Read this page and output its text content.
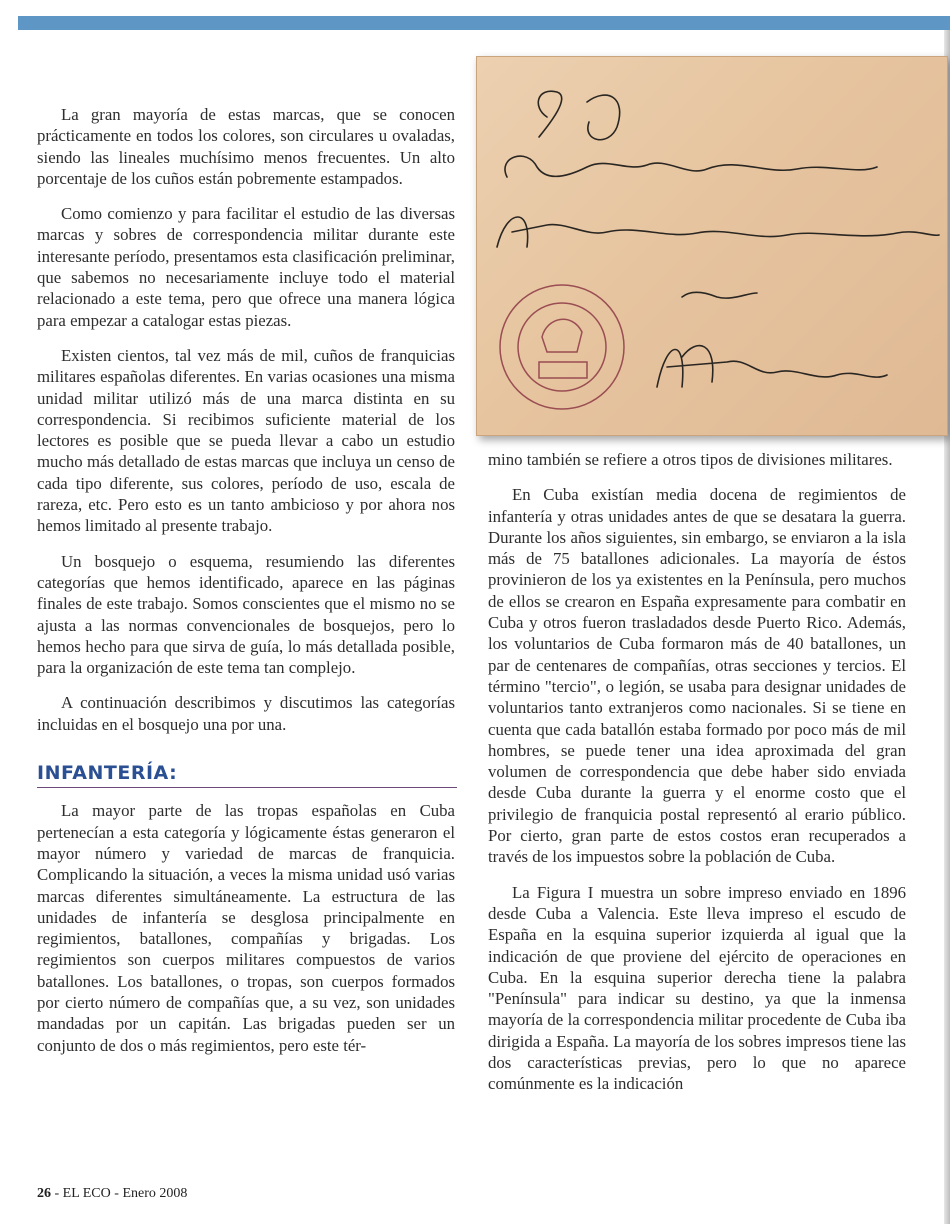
La gran mayoría de estas marcas, que se conocen prácticamente en todos los colores, son circulares u ovaladas, siendo las lineales muchísimo menos frecuentes. Un alto porcentaje de los cuños están pobremente estampados.

Como comienzo y para facilitar el estudio de las diversas marcas y sobres de correspondencia militar durante este interesante período, presentamos esta clasificación preliminar, que sabemos no necesariamente incluye todo el material relacionado a este tema, pero que ofrece una manera lógica para empezar a catalogar estas piezas.

Existen cientos, tal vez más de mil, cuños de franquicias militares españolas diferentes. En varias ocasiones una misma unidad militar utilizó más de una marca distinta en su correspondencia. Si recibimos suficiente material de los lectores es posible que se pueda llevar a cabo un estudio mucho más detallado de estas marcas que incluya un censo de cada tipo diferente, sus colores, período de uso, escala de rareza, etc. Pero esto es un tanto ambicioso y por ahora nos hemos limitado al presente trabajo.

Un bosquejo o esquema, resumiendo las diferentes categorías que hemos identificado, aparece en las páginas finales de este trabajo. Somos conscientes que el mismo no se ajusta a las normas convencionales de bosquejos, pero lo hemos hecho para que sirva de guía, lo más detallada posible, para la organización de este tema tan complejo.

A continuación describimos y discutimos las categorías incluidas en el bosquejo una por una.

INFANTERÍA:

La mayor parte de las tropas españolas en Cuba pertenecían a esta categoría y lógicamente éstas generaron el mayor número y variedad de marcas de franquicia. Complicando la situación, a veces la misma unidad usó varias marcas diferentes simultáneamente. La estructura de las unidades de infantería se desglosa principalmente en regimientos, batallones, compañías y brigadas. Los regimientos son cuerpos militares compuestos de varios batallones. Los batallones, o tropas, son cuerpos formados por cierto número de compañías que, a su vez, son unidades mandadas por un capitán. Las brigadas pueden ser un conjunto de dos o más regimientos, pero este tér-

mino también se refiere a otros tipos de divisiones militares.

En Cuba existían media docena de regimientos de infantería y otras unidades antes de que se desatara la guerra. Durante los años siguientes, sin embargo, se enviaron a la isla más de 75 batallones adicionales. La mayoría de éstos provinieron de los ya existentes en la Península, pero muchos de ellos se crearon en España expresamente para combatir en Cuba y otros fueron trasladados desde Puerto Rico. Además, los voluntarios de Cuba formaron más de 40 batallones, un par de centenares de compañías, otras secciones y tercios. El término "tercio", o legión, se usaba para designar unidades de voluntarios tanto extranjeros como nacionales. Si se tiene en cuenta que cada batallón estaba formado por poco más de mil hombres, se puede tener una idea aproximada del gran volumen de correspondencia que debe haber sido enviada desde Cuba durante la guerra y el enorme costo que el privilegio de franquicia postal representó al erario público. Por cierto, gran parte de estos costos eran recuperados a través de los impuestos sobre la población de Cuba.

La Figura I muestra un sobre impreso enviado en 1896 desde Cuba a Valencia. Este lleva impreso el escudo de España en la esquina superior izquierda al igual que la indicación de que proviene del ejército de operaciones en Cuba. En la esquina superior derecha tiene la palabra "Península" para indicar su destino, ya que la inmensa mayoría de la correspondencia militar procedente de Cuba iba dirigida a España. La mayoría de los sobres impresos tiene las dos características previas, pero lo que no aparece comúnmente es la indicación

26 - EL ECO - Enero 2008
